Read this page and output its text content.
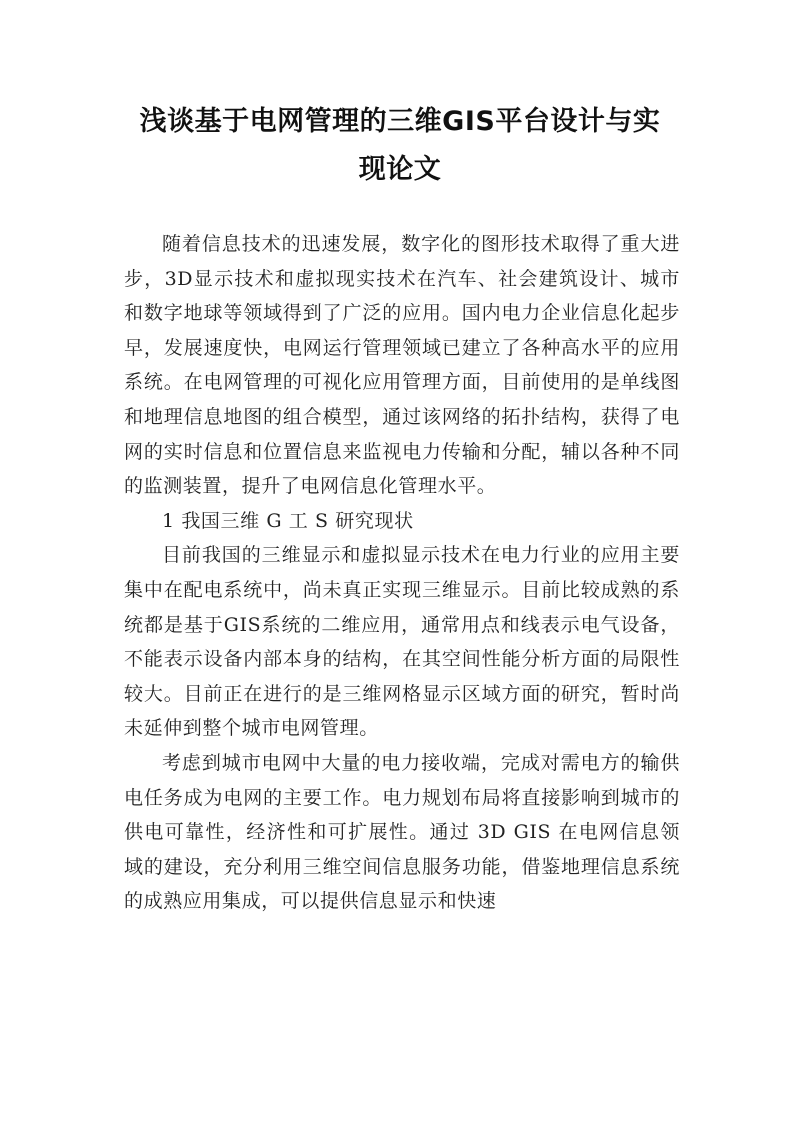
浅谈基于电网管理的三维GIS平台设计与实
现论文

随着信息技术的迅速发展，数字化的图形技术取得了重大进步，3D显示技术和虚拟现实技术在汽车、社会建筑设计、城市和数字地球等领域得到了广泛的应用。国内电力企业信息化起步早，发展速度快，电网运行管理领域已建立了各种高水平的应用系统。在电网管理的可视化应用管理方面，目前使用的是单线图和地理信息地图的组合模型，通过该网络的拓扑结构，获得了电网的实时信息和位置信息来监视电力传输和分配，辅以各种不同的监测装置，提升了电网信息化管理水平。

1 我国三维 G 工 S 研究现状

目前我国的三维显示和虚拟显示技术在电力行业的应用主要集中在配电系统中，尚未真正实现三维显示。目前比较成熟的系统都是基于GIS系统的二维应用，通常用点和线表示电气设备，不能表示设备内部本身的结构，在其空间性能分析方面的局限性较大。目前正在进行的是三维网格显示区域方面的研究，暂时尚未延伸到整个城市电网管理。

考虑到城市电网中大量的电力接收端，完成对需电方的输供电任务成为电网的主要工作。电力规划布局将直接影响到城市的供电可靠性，经济性和可扩展性。通过 3D GIS 在电网信息领域的建设，充分利用三维空间信息服务功能，借鉴地理信息系统的成熟应用集成，可以提供信息显示和快速
